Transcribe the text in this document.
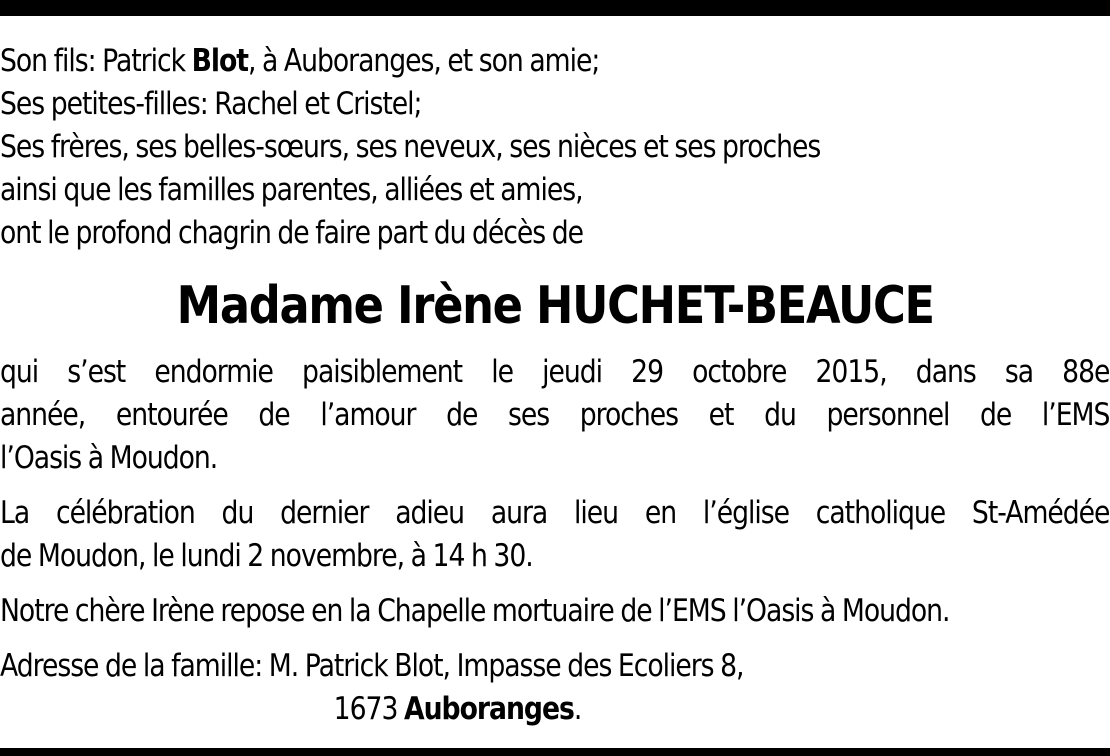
Son fils: Patrick Blot, à Auboranges, et son amie;
Ses petites-filles: Rachel et Cristel;
Ses frères, ses belles-sœurs, ses neveux, ses nièces et ses proches
ainsi que les familles parentes, alliées et amies,
ont le profond chagrin de faire part du décès de
Madame Irène HUCHET-BEAUCE
qui s’est endormie paisiblement le jeudi 29 octobre 2015, dans sa 88e
année, entourée de l’amour de ses proches et du personnel de l’EMS
l’Oasis à Moudon.
La célébration du dernier adieu aura lieu en l’église catholique St-Amédée
de Moudon, le lundi 2 novembre, à 14 h 30.
Notre chère Irène repose en la Chapelle mortuaire de l’EMS l’Oasis à Moudon.
Adresse de la famille: M. Patrick Blot, Impasse des Ecoliers 8,
1673 Auboranges.
